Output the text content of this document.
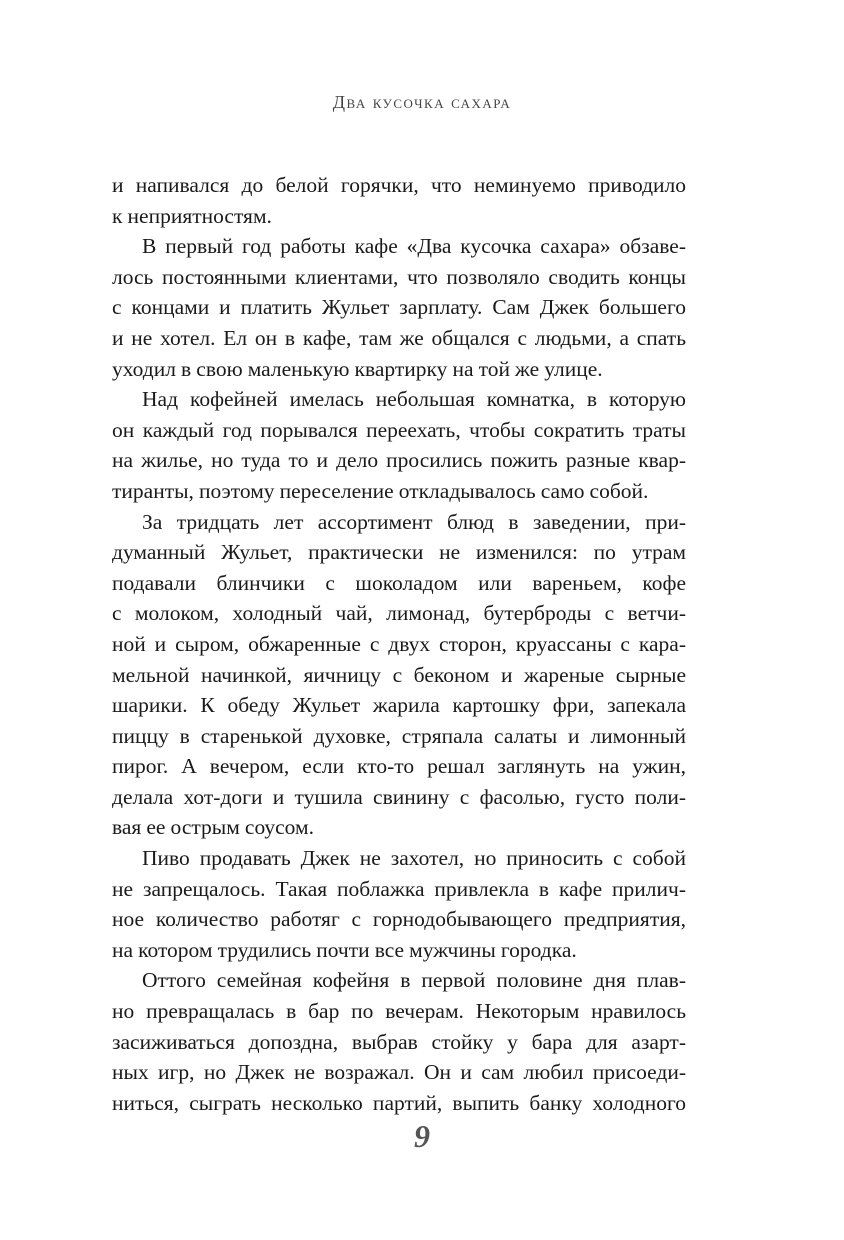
Два кусочка сахара
и напивался до белой горячки, что неминуемо приводило
к неприятностям.
В первый год работы кафе «Два кусочка сахара» обзаве-
лось постоянными клиентами, что позволяло сводить концы
с концами и платить Жульет зарплату. Сам Джек большего
и не хотел. Ел он в кафе, там же общался с людьми, а спать
уходил в свою маленькую квартирку на той же улице.
Над кофейней имелась небольшая комнатка, в которую
он каждый год порывался переехать, чтобы сократить траты
на жилье, но туда то и дело просились пожить разные квар-
тиранты, поэтому переселение откладывалось само собой.
За тридцать лет ассортимент блюд в заведении, при-
думанный Жульет, практически не изменился: по утрам
подавали блинчики с шоколадом или вареньем, кофе
с молоком, холодный чай, лимонад, бутерброды с ветчи-
ной и сыром, обжаренные с двух сторон, круассаны с кара-
мельной начинкой, яичницу с беконом и жареные сырные
шарики. К обеду Жульет жарила картошку фри, запекала
пиццу в старенькой духовке, стряпала салаты и лимонный
пирог. А вечером, если кто-то решал заглянуть на ужин,
делала хот-доги и тушила свинину с фасолью, густо поли-
вая ее острым соусом.
Пиво продавать Джек не захотел, но приносить с собой
не запрещалось. Такая поблажка привлекла в кафе прилич-
ное количество работяг с горнодобывающего предприятия,
на котором трудились почти все мужчины городка.
Оттого семейная кофейня в первой половине дня плав-
но превращалась в бар по вечерам. Некоторым нравилось
засиживаться допоздна, выбрав стойку у бара для азарт-
ных игр, но Джек не возражал. Он и сам любил присоеди-
ниться, сыграть несколько партий, выпить банку холодного
9
